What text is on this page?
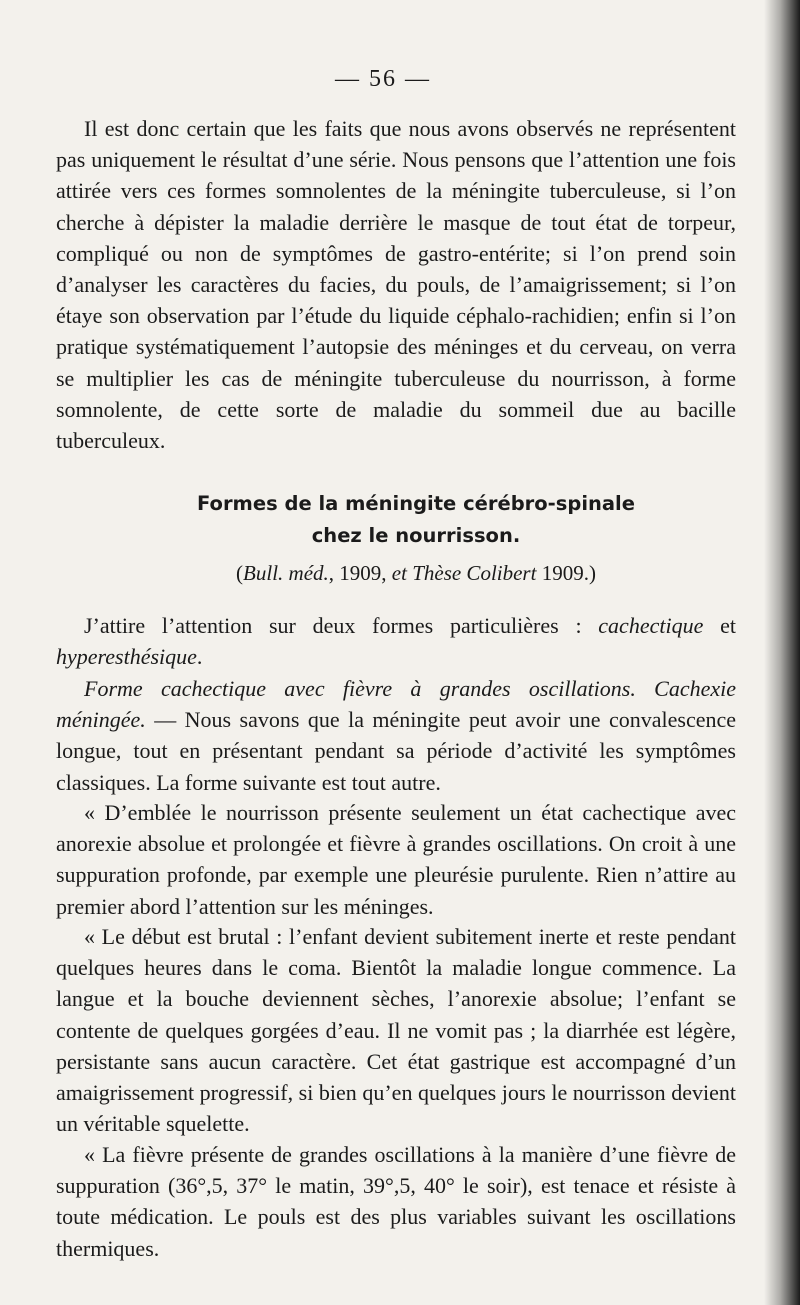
— 56 —

Il est donc certain que les faits que nous avons observés ne représentent pas uniquement le résultat d’une série. Nous pensons que l’attention une fois attirée vers ces formes somnolentes de la méningite tuberculeuse, si l’on cherche à dépister la maladie derrière le masque de tout état de torpeur, compliqué ou non de symptômes de gastro-entérite; si l’on prend soin d’analyser les caractères du facies, du pouls, de l’amaigrissement; si l’on étaye son observation par l’étude du liquide céphalo-rachidien; enfin si l’on pratique systématiquement l’autopsie des méninges et du cerveau, on verra se multiplier les cas de méningite tuberculeuse du nourrisson, à forme somnolente, de cette sorte de maladie du sommeil due au bacille tuberculeux.

Formes de la méningite cérébro-spinale

chez le nourrisson.

(Bull. méd., 1909, et Thèse Colibert 1909.)

J’attire l’attention sur deux formes particulières : cachectique et hyperesthésique.

Forme cachectique avec fièvre à grandes oscillations. Cachexie méningée. — Nous savons que la méningite peut avoir une convalescence longue, tout en présentant pendant sa période d’activité les symptômes classiques. La forme suivante est tout autre.

« D’emblée le nourrisson présente seulement un état cachectique avec anorexie absolue et prolongée et fièvre à grandes oscillations. On croit à une suppuration profonde, par exemple une pleurésie purulente. Rien n’attire au premier abord l’attention sur les méninges.

« Le début est brutal : l’enfant devient subitement inerte et reste pendant quelques heures dans le coma. Bientôt la maladie longue commence. La langue et la bouche deviennent sèches, l’anorexie absolue; l’enfant se contente de quelques gorgées d’eau. Il ne vomit pas ; la diarrhée est légère, persistante sans aucun caractère. Cet état gastrique est accompagné d’un amaigrissement progressif, si bien qu’en quelques jours le nourrisson devient un véritable squelette.

« La fièvre présente de grandes oscillations à la manière d’une fièvre de suppuration (36°,5, 37° le matin, 39°,5, 40° le soir), est tenace et résiste à toute médication. Le pouls est des plus variables suivant les oscillations thermiques.
